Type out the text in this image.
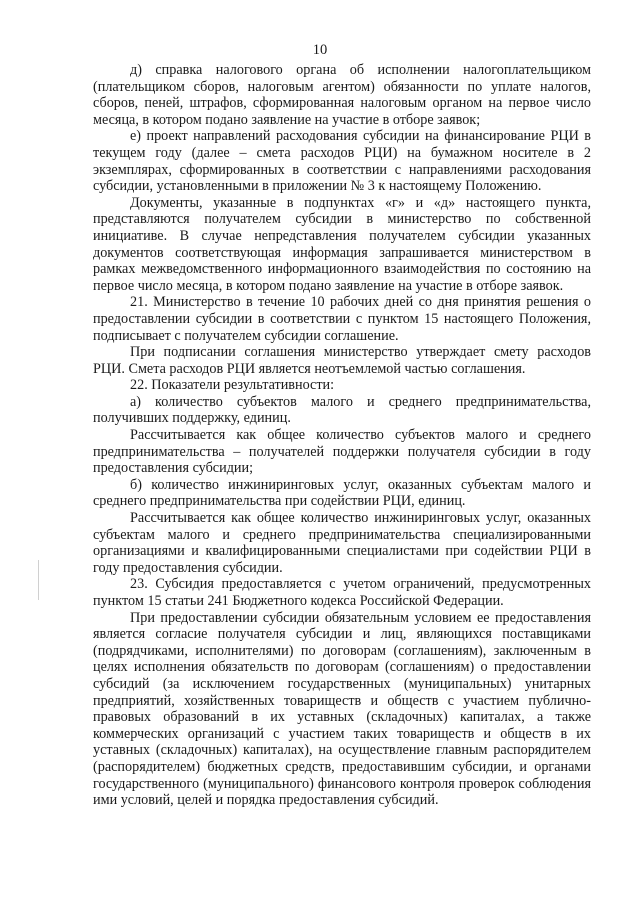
10

д) справка налогового органа об исполнении налогоплательщиком (плательщиком сборов, налоговым агентом) обязанности по уплате налогов, сборов, пеней, штрафов, сформированная налоговым органом на первое число месяца, в котором подано заявление на участие в отборе заявок;

е) проект направлений расходования субсидии на финансирование РЦИ в текущем году (далее – смета расходов РЦИ) на бумажном носителе в 2 экземплярах, сформированных в соответствии с направлениями расходования субсидии, установленными в приложении № 3 к настоящему Положению.

Документы, указанные в подпунктах «г» и «д» настоящего пункта, представляются получателем субсидии в министерство по собственной инициативе. В случае непредставления получателем субсидии указанных документов соответствующая информация запрашивается министерством в рамках межведомственного информационного взаимодействия по состоянию на первое число месяца, в котором подано заявление на участие в отборе заявок.

21. Министерство в течение 10 рабочих дней со дня принятия решения о предоставлении субсидии в соответствии с пунктом 15 настоящего Положения, подписывает с получателем субсидии соглашение.

При подписании соглашения министерство утверждает смету расходов РЦИ. Смета расходов РЦИ является неотъемлемой частью соглашения.

22. Показатели результативности:

а) количество субъектов малого и среднего предпринимательства, получивших поддержку, единиц.

Рассчитывается как общее количество субъектов малого и среднего предпринимательства – получателей поддержки получателя субсидии в году предоставления субсидии;

б) количество инжиниринговых услуг, оказанных субъектам малого и среднего предпринимательства при содействии РЦИ, единиц.

Рассчитывается как общее количество инжиниринговых услуг, оказанных субъектам малого и среднего предпринимательства специализированными организациями и квалифицированными специалистами при содействии РЦИ в году предоставления субсидии.

23. Субсидия предоставляется с учетом ограничений, предусмотренных пунктом 15 статьи 241 Бюджетного кодекса Российской Федерации.

При предоставлении субсидии обязательным условием ее предоставления является согласие получателя субсидии и лиц, являющихся поставщиками (подрядчиками, исполнителями) по договорам (соглашениям), заключенным в целях исполнения обязательств по договорам (соглашениям) о предоставлении субсидий (за исключением государственных (муниципальных) унитарных предприятий, хозяйственных товариществ и обществ с участием публично-правовых образований в их уставных (складочных) капиталах, а также коммерческих организаций с участием таких товариществ и обществ в их уставных (складочных) капиталах), на осуществление главным распорядителем (распорядителем) бюджетных средств, предоставившим субсидии, и органами государственного (муниципального) финансового контроля проверок соблюдения ими условий, целей и порядка предоставления субсидий.
